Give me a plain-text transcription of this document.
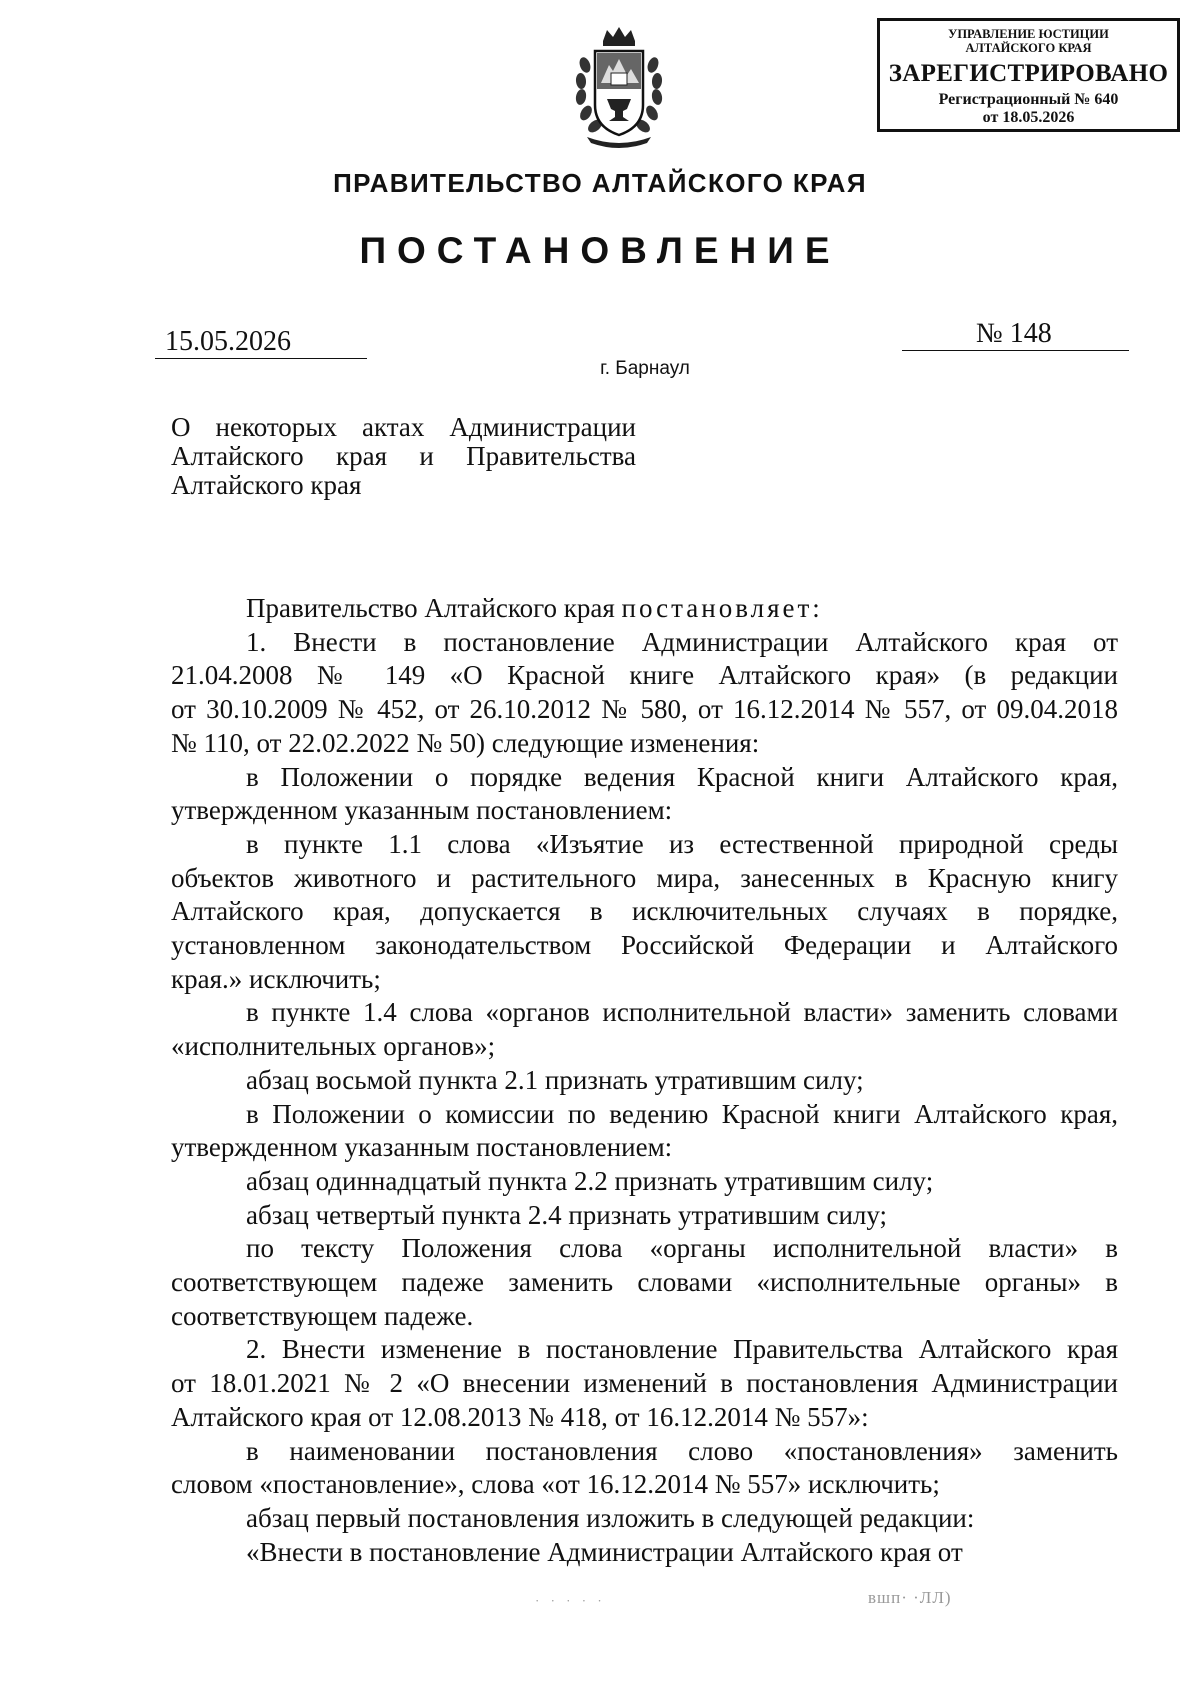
УПРАВЛЕНИЕ ЮСТИЦИИ
АЛТАЙСКОГО КРАЯ
ЗАРЕГИСТРИРОВАНО
Регистрационный № 640
от 18.05.2026
ПРАВИТЕЛЬСТВО АЛТАЙСКОГО КРАЯ
ПОСТАНОВЛЕНИЕ
15.05.2026	№ 148
г. Барнаул
О некоторых актах Администрации
Алтайского края и Правительства
Алтайского края
Правительство Алтайского края постановляет:
1. Внести в постановление Администрации Алтайского края от
21.04.2008 № 149 «О Красной книге Алтайского края» (в редакции
от 30.10.2009 № 452, от 26.10.2012 № 580, от 16.12.2014 № 557, от 09.04.2018
№ 110, от 22.02.2022 № 50) следующие изменения:
в Положении о порядке ведения Красной книги Алтайского края,
утвержденном указанным постановлением:
в пункте 1.1 слова «Изъятие из естественной природной среды
объектов животного и растительного мира, занесенных в Красную книгу
Алтайского края, допускается в исключительных случаях в порядке,
установленном законодательством Российской Федерации и Алтайского
края.» исключить;
в пункте 1.4 слова «органов исполнительной власти» заменить словами
«исполнительных органов»;
абзац восьмой пункта 2.1 признать утратившим силу;
в Положении о комиссии по ведению Красной книги Алтайского края,
утвержденном указанным постановлением:
абзац одиннадцатый пункта 2.2 признать утратившим силу;
абзац четвертый пункта 2.4 признать утратившим силу;
по тексту Положения слова «органы исполнительной власти» в
соответствующем падеже заменить словами «исполнительные органы» в
соответствующем падеже.
2. Внести изменение в постановление Правительства Алтайского края
от 18.01.2021 № 2 «О внесении изменений в постановления Администрации
Алтайского края от 12.08.2013 № 418, от 16.12.2014 № 557»:
в наименовании постановления слово «постановления» заменить
словом «постановление», слова «от 16.12.2014 № 557» исключить;
абзац первый постановления изложить в следующей редакции:
«Внести в постановление Администрации Алтайского края от
· · · · ·	вшп· ·ЛЛ)
